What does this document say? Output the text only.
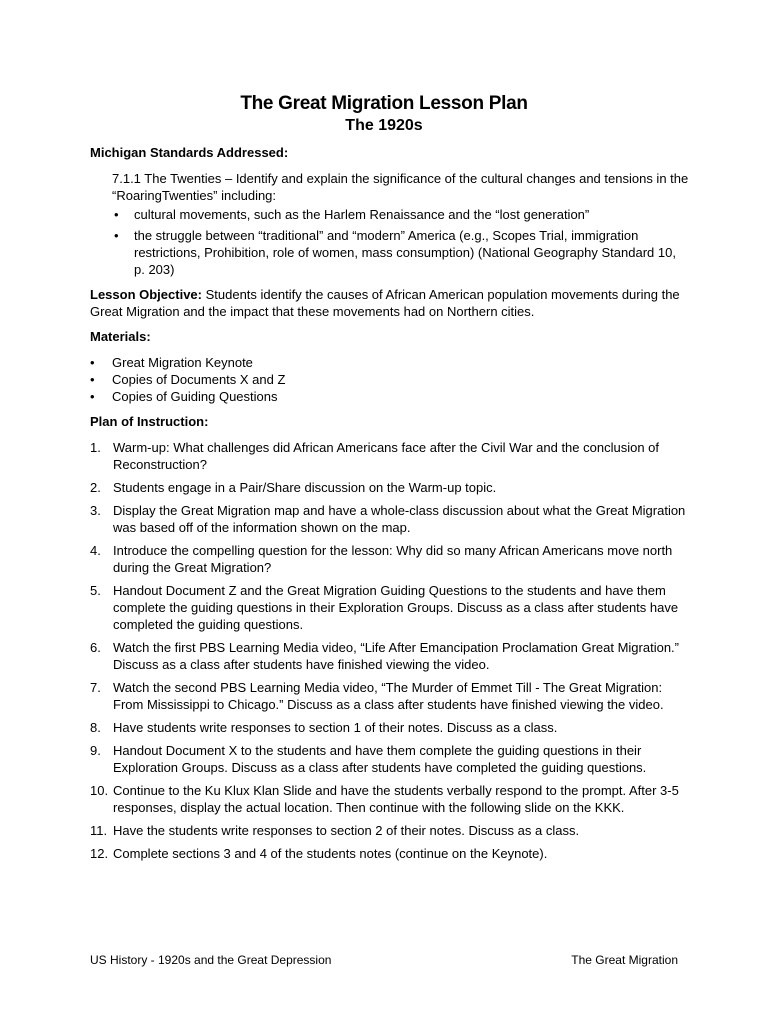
The Great Migration Lesson Plan
The 1920s
Michigan Standards Addressed:
7.1.1 The Twenties – Identify and explain the significance of the cultural changes and tensions in the “RoaringTwenties” including:
• cultural movements, such as the Harlem Renaissance and the “lost generation”
• the struggle between “traditional” and “modern” America (e.g., Scopes Trial, immigration restrictions, Prohibition, role of women, mass consumption) (National Geography Standard 10, p. 203)

Lesson Objective: Students identify the causes of African American population movements during the Great Migration and the impact that these movements had on Northern cities.

Materials:
• Great Migration Keynote
• Copies of Documents X and Z
• Copies of Guiding Questions
Plan of Instruction:
1. Warm-up: What challenges did African Americans face after the Civil War and the conclusion of Reconstruction?
2. Students engage in a Pair/Share discussion on the Warm-up topic.
3. Display the Great Migration map and have a whole-class discussion about what the Great Migration was based off of the information shown on the map.
4. Introduce the compelling question for the lesson: Why did so many African Americans move north during the Great Migration?
5. Handout Document Z and the Great Migration Guiding Questions to the students and have them complete the guiding questions in their Exploration Groups. Discuss as a class after students have completed the guiding questions.
6. Watch the first PBS Learning Media video, “Life After Emancipation Proclamation Great Migration.” Discuss as a class after students have finished viewing the video.
7. Watch the second PBS Learning Media video, “The Murder of Emmet Till - The Great Migration: From Mississippi to Chicago.” Discuss as a class after students have finished viewing the video.
8. Have students write responses to section 1 of their notes. Discuss as a class.
9. Handout Document X to the students and have them complete the guiding questions in their Exploration Groups. Discuss as a class after students have completed the guiding questions.
10. Continue to the Ku Klux Klan Slide and have the students verbally respond to the prompt. After 3-5 responses, display the actual location. Then continue with the following slide on the KKK.
11. Have the students write responses to section 2 of their notes. Discuss as a class.
12. Complete sections 3 and 4 of the students notes (continue on the Keynote).
US History - 1920s and the Great Depression	The Great Migration
